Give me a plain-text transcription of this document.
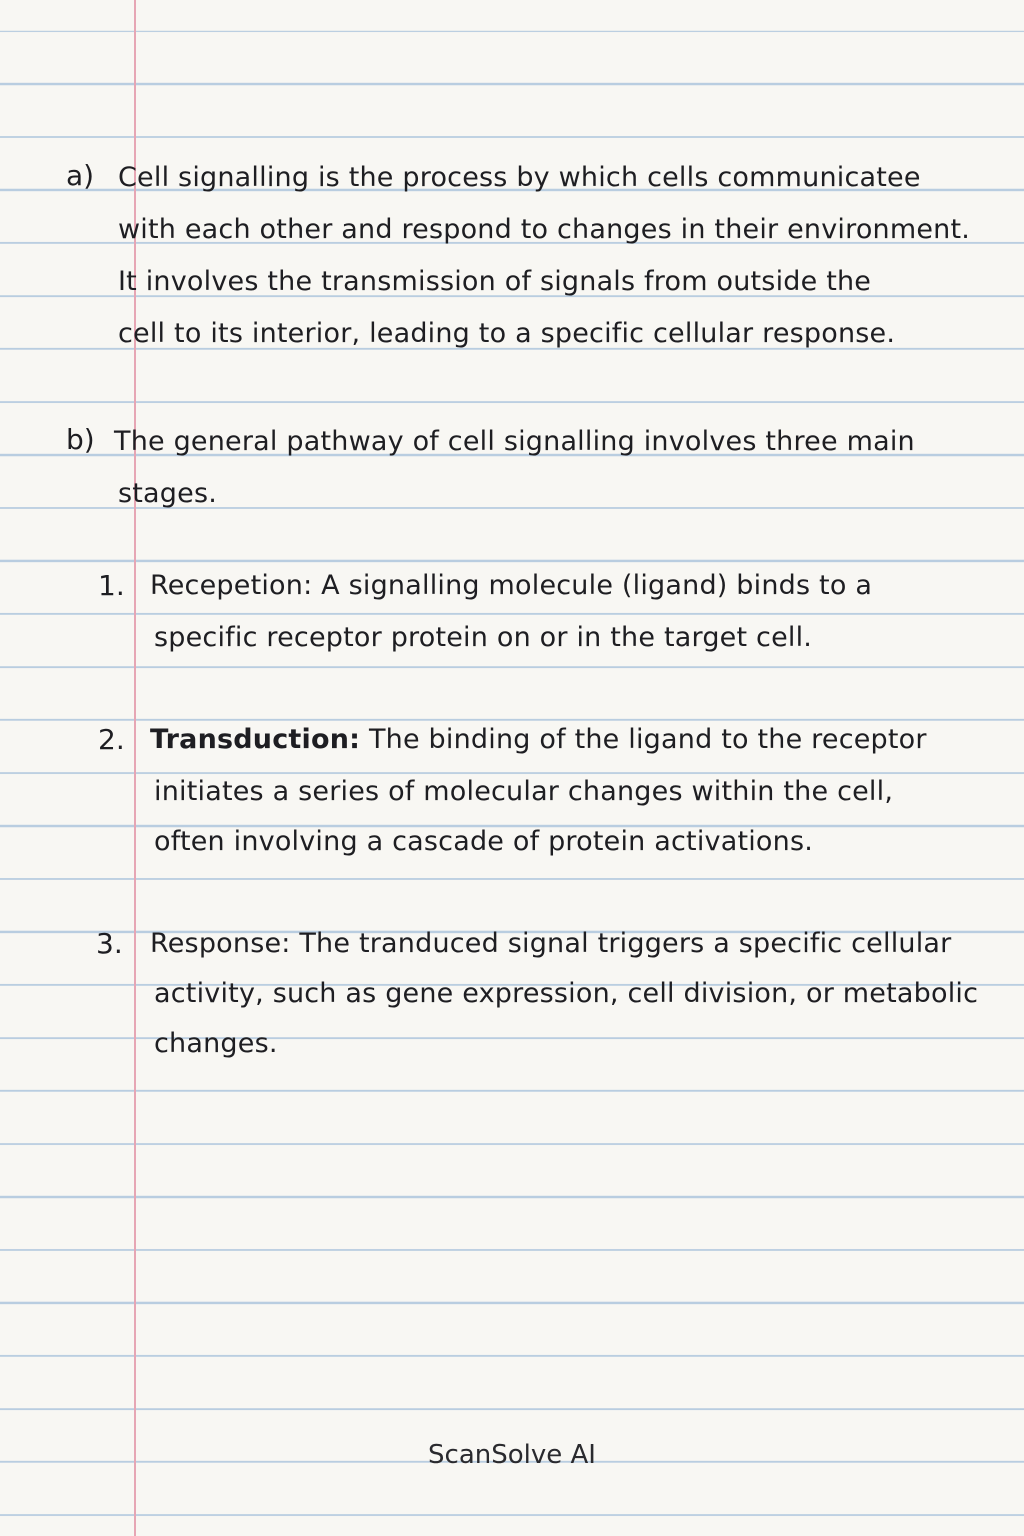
a) Cell signalling is the process by which cells communicatee
with each other and respond to changes in their environment.
It involves the transmission of signals from outside the
cell to its interior, leading to a specific cellular response.
b) The general pathway of cell signalling involves three main
stages.
1. Recepetion: A signalling molecule (ligand) binds to a
specific receptor protein on or in the target cell.
2. Transduction: The binding of the ligand to the receptor
initiates a series of molecular changes within the cell,
often involving a cascade of protein activations.
3. Response: The tranduced signal triggers a specific cellular
activity, such as gene expression, cell division, or metabolic
changes.
ScanSolve AI
